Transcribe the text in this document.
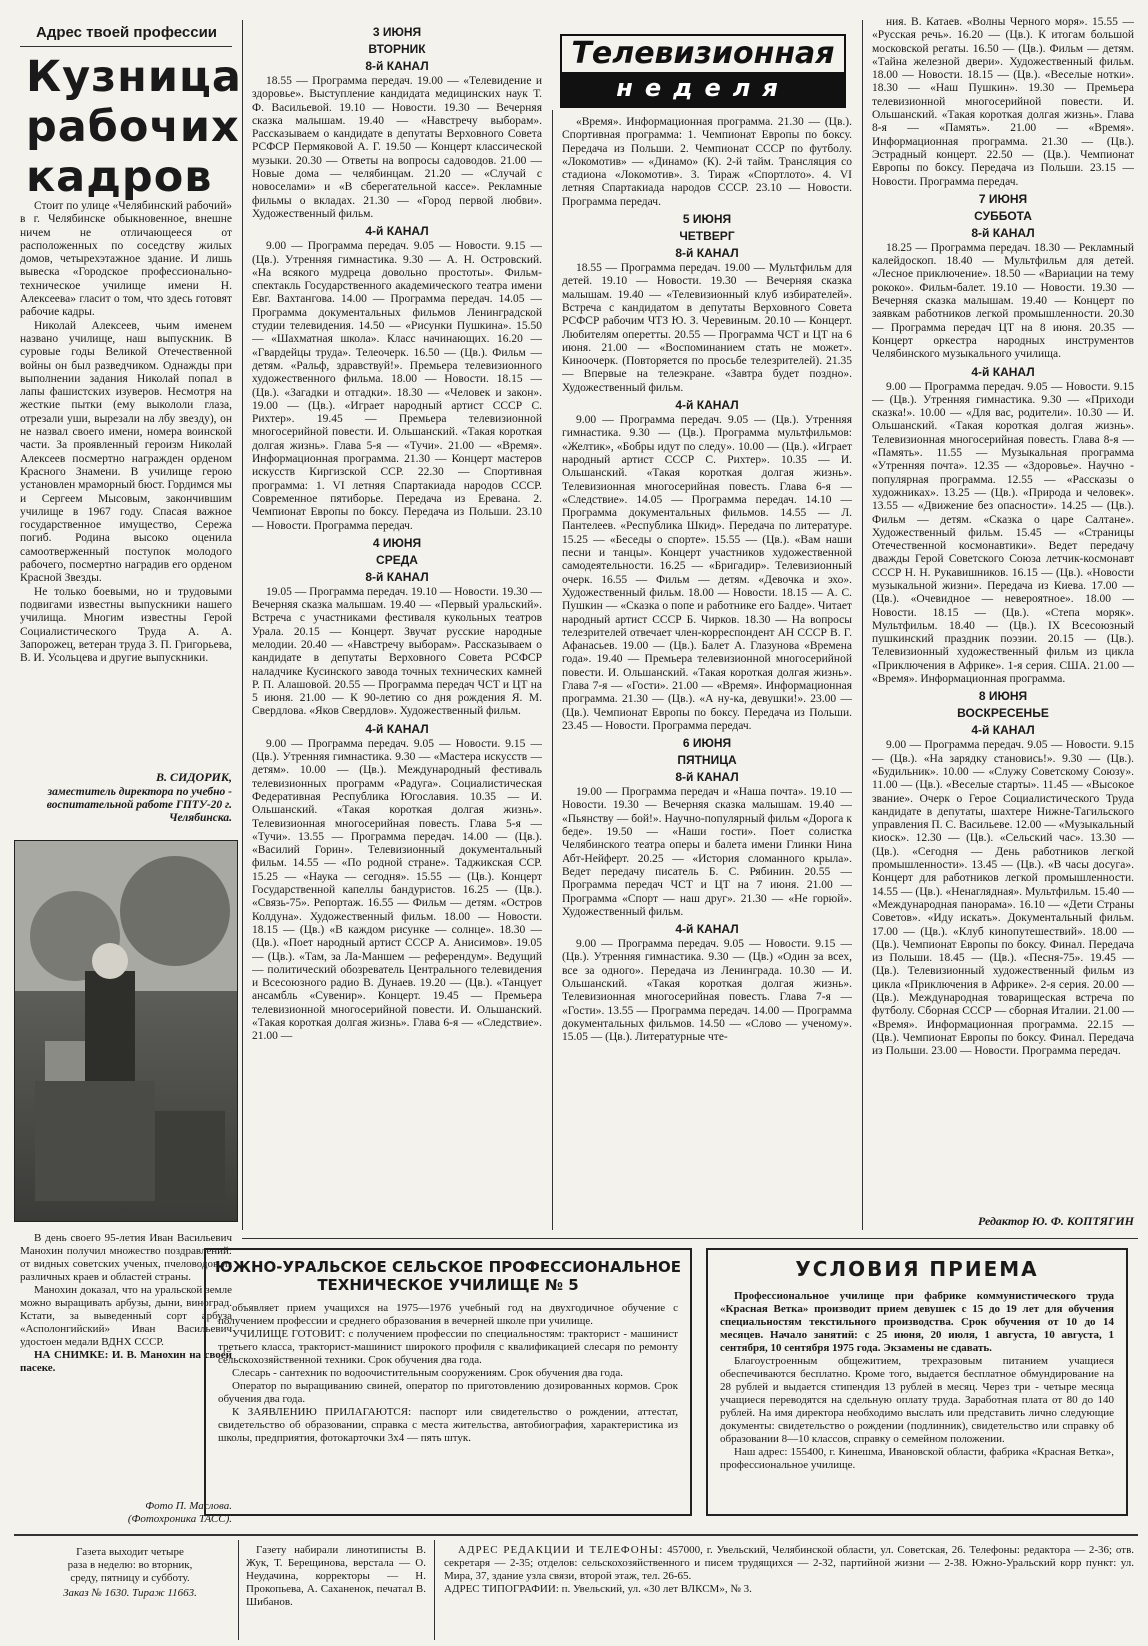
Адрес твоей профессии
Кузница
рабочих
кадров

Стоит по улице «Челябинский рабочий» в г. Челябинске обыкновенное, внешне ничем не отличающееся от расположенных по соседству жилых домов, четырехэтажное здание. И лишь вывеска «Городское профессионально-техническое училище имени Н. Алексеева» гласит о том, что здесь готовят рабочие кадры.

Николай Алексеев, чьим именем названо училище, наш выпускник. В суровые годы Великой Отечественной войны он был разведчиком. Однажды при выполнении задания Николай попал в лапы фашистских изуверов. Несмотря на жесткие пытки (ему выкололи глаза, отрезали уши, вырезали на лбу звезду), он не назвал своего имени, номера воинской части. За проявленный героизм Николай Алексеев посмертно награжден орденом Красного Знамени. В училище герою установлен мраморный бюст. Гордимся мы и Сергеем Мысовым, закончившим училище в 1967 году. Спасая важное государственное имущество, Сережа погиб. Родина высоко оценила самоотверженный поступок молодого рабочего, посмертно наградив его орденом Красной Звезды.

Не только боевыми, но и трудовыми подвигами известны выпускники нашего училища. Многим известны Герой Социалистического Труда А. А. Запорожец, ветеран труда З. П. Григорьева, В. И. Усольцева и другие выпускники.

В. СИДОРИК,
заместитель директора по учебно - воспитательной работе ГПТУ-20 г. Челябинска.

В день своего 95-летия Иван Васильевич Манохин получил множество поздравлений: от видных советских ученых, пчеловодов из различных краев и областей страны.

Манохин доказал, что на уральской земле можно выращивать арбузы, дыни, виноград. Кстати, за выведенный сорт арбуза «Асполонгийский» Иван Васильевич удостоен медали ВДНХ СССР.

НА СНИМКЕ: И. В. Манохин на своей пасеке.

Фото П. Маслова.
(Фотохроника ТАСС).
Телевизионная
неделя
3 ИЮНЯ
ВТОРНИК
8-й КАНАЛ

18.55 — Программа передач. 19.00 — «Телевидение и здоровье». Выступление кандидата медицинских наук Т. Ф. Васильевой. 19.10 — Новости. 19.30 — Вечерняя сказка малышам. 19.40 — «Навстречу выборам». Рассказываем о кандидате в депутаты Верховного Совета РСФСР Пермяковой А. Г. 19.50 — Концерт классической музыки. 20.30 — Ответы на вопросы садоводов. 21.00 — Новые дома — челябинцам. 21.20 — «Случай с новоселами» и «В сберегательной кассе». Рекламные фильмы о вкладах. 21.30 — «Город первой любви». Художественный фильм.

4-й КАНАЛ

9.00 — Программа передач. 9.05 — Новости. 9.15 — (Цв.). Утренняя гимнастика. 9.30 — А. Н. Островский. «На всякого мудреца довольно простоты». Фильм-спектакль Государственного академического театра имени Евг. Вахтангова. 14.00 — Программа передач. 14.05 — Программа документальных фильмов Ленинградской студии телевидения. 14.50 — «Рисунки Пушкина». 15.50 — «Шахматная школа». Класс начинающих. 16.20 — «Гвардейцы труда». Телеочерк. 16.50 — (Цв.). Фильм — детям. «Ральф, здравствуй!». Премьера телевизионного художественного фильма. 18.00 — Новости. 18.15 — (Цв.). «Загадки и отгадки». 18.30 — «Человек и закон». 19.00 — (Цв.). «Играет народный артист СССР С. Рихтер». 19.45 — Премьера телевизионной многосерийной повести. И. Ольшанский. «Такая короткая долгая жизнь». Глава 5-я — «Тучи». 21.00 — «Время». Информационная программа. 21.30 — Концерт мастеров искусств Киргизской ССР. 22.30 — Спортивная программа: 1. VI летняя Спартакиада народов СССР. Современное пятиборье. Передача из Еревана. 2. Чемпионат Европы по боксу. Передача из Польши. 23.10 — Новости. Программа передач.

4 ИЮНЯ
СРЕДА
8-й КАНАЛ

19.05 — Программа передач. 19.10 — Новости. 19.30 — Вечерняя сказка малышам. 19.40 — «Первый уральский». Встреча с участниками фестиваля кукольных театров Урала. 20.15 — Концерт. Звучат русские народные мелодии. 20.40 — «Навстречу выборам». Рассказываем о кандидате в депутаты Верховного Совета РСФСР наладчике Кусинского завода точных технических камней Р. П. Алашовой. 20.55 — Программа передач ЧСТ и ЦТ на 5 июня. 21.00 — К 90-летию со дня рождения Я. М. Свердлова. «Яков Свердлов». Художественный фильм.

4-й КАНАЛ

9.00 — Программа передач. 9.05 — Новости. 9.15 — (Цв.). Утренняя гимнастика. 9.30 — «Мастера искусств — детям». 10.00 — (Цв.). Международный фестиваль телевизионных программ «Радуга». Социалистическая Федеративная Республика Югославия. 10.35 — И. Ольшанский. «Такая короткая долгая жизнь». Телевизионная многосерийная повесть. Глава 5-я — «Тучи». 13.55 — Программа передач. 14.00 — (Цв.). «Василий Горин». Телевизионный документальный фильм. 14.55 — «По родной стране». Таджикская ССР. 15.25 — «Наука — сегодня». 15.55 — (Цв.). Концерт Государственной капеллы бандуристов. 16.25 — (Цв.). «Связь-75». Репортаж. 16.55 — Фильм — детям. «Остров Колдуна». Художественный фильм. 18.00 — Новости. 18.15 — (Цв.) «В каждом рисунке — солнце». 18.30 — (Цв.). «Поет народный артист СССР А. Анисимов». 19.05 — (Цв.). «Там, за Ла-Маншем — референдум». Ведущий — политический обозреватель Центрального телевидения и Всесоюзного радио В. Дунаев. 19.20 — (Цв.). «Танцует ансамбль «Сувенир». Концерт. 19.45 — Премьера телевизионной многосерийной повести. И. Ольшанский. «Такая короткая долгая жизнь». Глава 6-я — «Следствие». 21.00 —

«Время». Информационная программа. 21.30 — (Цв.). Спортивная программа: 1. Чемпионат Европы по боксу. Передача из Польши. 2. Чемпионат СССР по футболу. «Локомотив» — «Динамо» (К). 2-й тайм. Трансляция со стадиона «Локомотив». 3. Тираж «Спортлото». 4. VI летняя Спартакиада народов СССР. 23.10 — Новости. Программа передач.

5 ИЮНЯ
ЧЕТВЕРГ
8-й КАНАЛ

18.55 — Программа передач. 19.00 — Мультфильм для детей. 19.10 — Новости. 19.30 — Вечерняя сказка малышам. 19.40 — «Телевизионный клуб избирателей». Встреча с кандидатом в депутаты Верховного Совета РСФСР рабочим ЧТЗ Ю. З. Черевиным. 20.10 — Концерт. Любителям оперетты. 20.55 — Программа ЧСТ и ЦТ на 6 июня. 21.00 — «Воспоминанием стать не может». Киноочерк. (Повторяется по просьбе телезрителей). 21.35 — Впервые на телеэкране. «Завтра будет поздно». Художественный фильм.

4-й КАНАЛ

9.00 — Программа передач. 9.05 — (Цв.). Утренняя гимнастика. 9.30 — (Цв.). Программа мультфильмов: «Желтик», «Бобры идут по следу». 10.00 — (Цв.). «Играет народный артист СССР С. Рихтер». 10.35 — И. Ольшанский. «Такая короткая долгая жизнь». Телевизионная многосерийная повесть. Глава 6-я — «Следствие». 14.05 — Программа передач. 14.10 — Программа документальных фильмов. 14.55 — Л. Пантелеев. «Республика Шкид». Передача по литературе. 15.25 — «Беседы о спорте». 15.55 — (Цв.). «Вам наши песни и танцы». Концерт участников художественной самодеятельности. 16.25 — «Бригадир». Телевизионный очерк. 16.55 — Фильм — детям. «Девочка и эхо». Художественный фильм. 18.00 — Новости. 18.15 — А. С. Пушкин — «Сказка о попе и работнике его Балде». Читает народный артист СССР Б. Чирков. 18.30 — На вопросы телезрителей отвечает член-корреспондент АН СССР В. Г. Афанасьев. 19.00 — (Цв.). Балет А. Глазунова «Времена года». 19.40 — Премьера телевизионной многосерийной повести. И. Ольшанский. «Такая короткая долгая жизнь». Глава 7-я — «Гости». 21.00 — «Время». Информационная программа. 21.30 — (Цв.). «А ну-ка, девушки!». 23.00 — (Цв.). Чемпионат Европы по боксу. Передача из Польши. 23.45 — Новости. Программа передач.

6 ИЮНЯ
ПЯТНИЦА
8-й КАНАЛ

19.00 — Программа передач и «Наша почта». 19.10 — Новости. 19.30 — Вечерняя сказка малышам. 19.40 — «Пьянству — бой!». Научно-популярный фильм «Дорога к беде». 19.50 — «Наши гости». Поет солистка Челябинского театра оперы и балета имени Глинки Нина Абт-Нейферт. 20.25 — «История сломанного крыла». Ведет передачу писатель Б. С. Рябинин. 20.55 — Программа передач ЧСТ и ЦТ на 7 июня. 21.00 — Программа «Спорт — наш друг». 21.30 — «Не горюй». Художественный фильм.

4-й КАНАЛ

9.00 — Программа передач. 9.05 — Новости. 9.15 — (Цв.). Утренняя гимнастика. 9.30 — (Цв.) «Один за всех, все за одного». Передача из Ленинграда. 10.30 — И. Ольшанский. «Такая короткая долгая жизнь». Телевизионная многосерийная повесть. Глава 7-я — «Гости». 13.55 — Программа передач. 14.00 — Программа документальных фильмов. 14.50 — «Слово — ученому». 15.05 — (Цв.). Литературные чте-

ния. В. Катаев. «Волны Черного моря». 15.55 — «Русская речь». 16.20 — (Цв.). К итогам большой московской регаты. 16.50 — (Цв.). Фильм — детям. «Тайна железной двери». Художественный фильм. 18.00 — Новости. 18.15 — (Цв.). «Веселые нотки». 18.30 — «Наш Пушкин». 19.30 — Премьера телевизионной многосерийной повести. И. Ольшанский. «Такая короткая долгая жизнь». Глава 8-я — «Память». 21.00 — «Время». Информационная программа. 21.30 — (Цв.). Эстрадный концерт. 22.50 — (Цв.). Чемпионат Европы по боксу. Передача из Польши. 23.15 — Новости. Программа передач.

7 ИЮНЯ
СУББОТА
8-й КАНАЛ

18.25 — Программа передач. 18.30 — Рекламный калейдоскоп. 18.40 — Мультфильм для детей. «Лесное приключение». 18.50 — «Вариации на тему рококо». Фильм-балет. 19.10 — Новости. 19.30 — Вечерняя сказка малышам. 19.40 — Концерт по заявкам работников легкой промышленности. 20.30 — Программа передач ЦТ на 8 июня. 20.35 — Концерт оркестра народных инструментов Челябинского музыкального училища.

4-й КАНАЛ

9.00 — Программа передач. 9.05 — Новости. 9.15 — (Цв.). Утренняя гимнастика. 9.30 — «Приходи сказка!». 10.00 — «Для вас, родители». 10.30 — И. Ольшанский. «Такая короткая долгая жизнь». Телевизионная многосерийная повесть. Глава 8-я — «Память». 11.55 — Музыкальная программа «Утренняя почта». 12.35 — «Здоровье». Научно - популярная программа. 12.55 — «Рассказы о художниках». 13.25 — (Цв.). «Природа и человек». 13.55 — «Движение без опасности». 14.25 — (Цв.). Фильм — детям. «Сказка о царе Салтане». Художественный фильм. 15.45 — «Страницы Отечественной космонавтики». Ведет передачу дважды Герой Советского Союза летчик-космонавт СССР Н. Н. Рукавишников. 16.15 — (Цв.). «Новости музыкальной жизни». Передача из Киева. 17.00 — (Цв.). «Очевидное — невероятное». 18.00 — Новости. 18.15 — (Цв.). «Степа моряк». Мультфильм. 18.40 — (Цв.). IX Всесоюзный пушкинский праздник поэзии. 20.15 — (Цв.). Телевизионный художественный фильм из цикла «Приключения в Африке». 1-я серия. США. 21.00 — «Время». Информационная программа.

8 ИЮНЯ
ВОСКРЕСЕНЬЕ
4-й КАНАЛ

9.00 — Программа передач. 9.05 — Новости. 9.15 — (Цв.). «На зарядку становись!». 9.30 — (Цв.). «Будильник». 10.00 — «Служу Советскому Союзу». 11.00 — (Цв.). «Веселые старты». 11.45 — «Высокое звание». Очерк о Герое Социалистического Труда кандидате в депутаты, шахтере Нижне-Тагильского управления П. С. Васильеве. 12.00 — «Музыкальный киоск». 12.30 — (Цв.). «Сельский час». 13.30 — (Цв.). «Сегодня — День работников легкой промышленности». 13.45 — (Цв.). «В часы досуга». Концерт для работников легкой промышленности. 14.55 — (Цв.). «Ненаглядная». Мультфильм. 15.40 — «Международная панорама». 16.10 — «Дети Страны Советов». «Иду искать». Документальный фильм. 17.00 — (Цв.). «Клуб кинопутешествий». 18.00 — (Цв.). Чемпионат Европы по боксу. Финал. Передача из Польши. 18.45 — (Цв.). «Песня-75». 19.45 — (Цв.). Телевизионный художественный фильм из цикла «Приключения в Африке». 2-я серия. 20.00 — (Цв.). Международная товарищеская встреча по футболу. Сборная СССР — сборная Италии. 21.00 — «Время». Информационная программа. 22.15 — (Цв.). Чемпионат Европы по боксу. Финал. Передача из Польши. 23.00 — Новости. Программа передач.

Редактор Ю. Ф. КОПТЯГИН
ЮЖНО-УРАЛЬСКОЕ СЕЛЬСКОЕ ПРОФЕССИОНАЛЬНОЕ
ТЕХНИЧЕСКОЕ УЧИЛИЩЕ № 5

объявляет прием учащихся на 1975—1976 учебный год на двухгодичное обучение с получением профессии и среднего образования в вечерней школе при училище.

УЧИЛИЩЕ ГОТОВИТ: с получением профессии по специальностям: тракторист - машинист третьего класса, тракторист-машинист широкого профиля с квалификацией слесаря по ремонту сельскохозяйственной техники. Срок обучения два года.

Слесарь - сантехник по водоочистительным сооружениям. Срок обучения два года.

Оператор по выращиванию свиней, оператор по приготовлению дозированных кормов. Срок обучения два года.

К ЗАЯВЛЕНИЮ ПРИЛАГАЮТСЯ: паспорт или свидетельство о рождении, аттестат, свидетельство об образовании, справка с места жительства, автобиография, характеристика из школы, предприятия, фотокарточки 3х4 — пять штук.

УСЛОВИЯ ПРИЕМА

Профессиональное училище при фабрике коммунистического труда «Красная Ветка» производит прием девушек с 15 до 19 лет для обучения специальностям текстильного производства. Срок обучения от 10 до 14 месяцев. Начало занятий: с 25 июня, 20 июля, 1 августа, 10 августа, 1 сентября, 10 сентября 1975 года. Экзамены не сдавать.

Благоустроенным общежитием, трехразовым питанием учащиеся обеспечиваются бесплатно. Кроме того, выдается бесплатное обмундирование на 28 рублей и выдается стипендия 13 рублей в месяц. Через три - четыре месяца учащиеся переводятся на сдельную оплату труда. Заработная плата от 80 до 140 рублей. На имя директора необходимо выслать или представить лично следующие документы: свидетельство о рождении (подлинник), свидетельство или справку об образовании 8—10 классов, справку о семейном положении.

Наш адрес: 155400, г. Кинешма, Ивановской области, фабрика «Красная Ветка», профессиональное училище.

Газета выходит четыре
раза в неделю: во вторник,
среду, пятницу и субботу.
Заказ № 1630. Тираж 11663.

Газету набирали линотиписты В. Жук, Т. Берещинова, верстала — О. Неудачина, корректоры — Н. Прокопьева, А. Саханенок, печатал В. Шибанов.

АДРЕС РЕДАКЦИИ И ТЕЛЕФОНЫ: 457000, г. Увельский, Челябинской области, ул. Советская, 26. Телефоны: редактора — 2-36; отв. секретаря — 2-35; отделов: сельскохозяйственного и писем трудящихся — 2-32, партийной жизни — 2-38. Южно-Уральский корр пункт: ул. Мира, 37, здание узла связи, второй этаж, тел. 26-65.

АДРЕС ТИПОГРАФИИ: п. Увельский, ул. «30 лет ВЛКСМ», № 3.
